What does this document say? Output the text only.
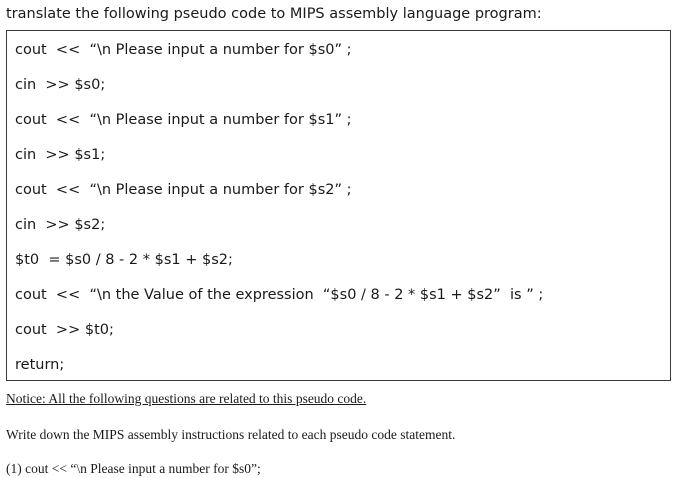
translate the following pseudo code to MIPS assembly language program:
cout  <<  “\n Please input a number for $s0” ;
cin  >> $s0;
cout  <<  “\n Please input a number for $s1” ;
cin  >> $s1;
cout  <<  “\n Please input a number for $s2” ;
cin  >> $s2;
$t0  = $s0 / 8 - 2 * $s1 + $s2;
cout  <<  “\n the Value of the expression  “$s0 / 8 - 2 * $s1 + $s2”  is ” ;
cout  >> $t0;
return;
Notice: All the following questions are related to this pseudo code.
Write down the MIPS assembly instructions related to each pseudo code statement.
(1) cout << “\n Please input a number for $s0”;
